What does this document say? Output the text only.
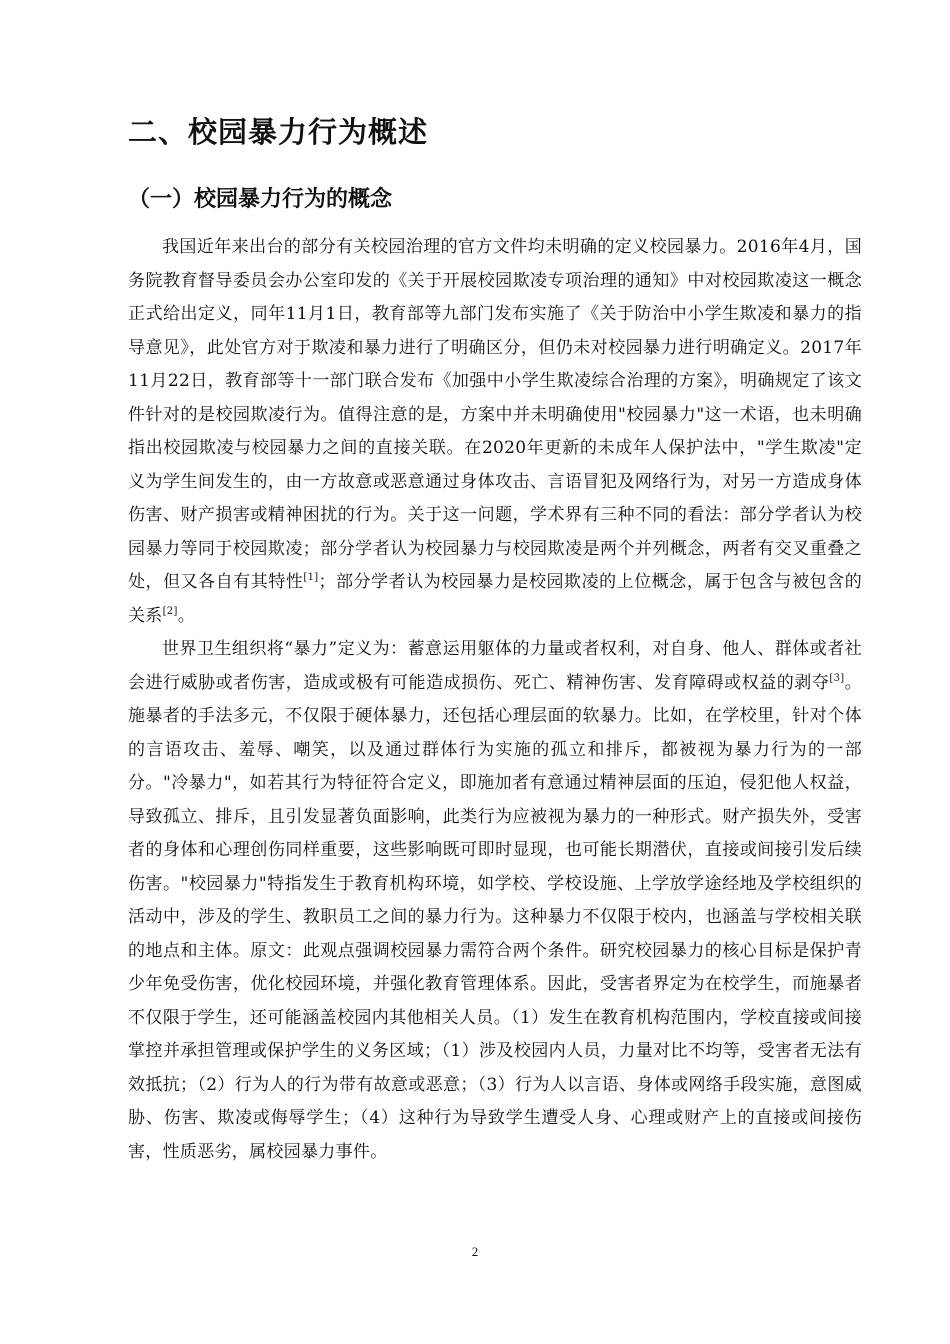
二、校园暴力行为概述
（一）校园暴力行为的概念

我国近年来出台的部分有关校园治理的官方文件均未明确的定义校园暴力。2016年4月，国务院教育督导委员会办公室印发的《关于开展校园欺凌专项治理的通知》中对校园欺凌这一概念正式给出定义，同年11月1日，教育部等九部门发布实施了《关于防治中小学生欺凌和暴力的指导意见》，此处官方对于欺凌和暴力进行了明确区分，但仍未对校园暴力进行明确定义。2017年11月22日，教育部等十一部门联合发布《加强中小学生欺凌综合治理的方案》，明确规定了该文件针对的是校园欺凌行为。值得注意的是，方案中并未明确使用"校园暴力"这一术语，也未明确指出校园欺凌与校园暴力之间的直接关联。在2020年更新的未成年人保护法中，"学生欺凌"定义为学生间发生的，由一方故意或恶意通过身体攻击、言语冒犯及网络行为，对另一方造成身体伤害、财产损害或精神困扰的行为。关于这一问题，学术界有三种不同的看法：部分学者认为校园暴力等同于校园欺凌；部分学者认为校园暴力与校园欺凌是两个并列概念，两者有交叉重叠之处，但又各自有其特性[1]；部分学者认为校园暴力是校园欺凌的上位概念，属于包含与被包含的关系[2]。

世界卫生组织将“暴力”定义为：蓄意运用躯体的力量或者权利，对自身、他人、群体或者社会进行威胁或者伤害，造成或极有可能造成损伤、死亡、精神伤害、发育障碍或权益的剥夺[3]。施暴者的手法多元，不仅限于硬体暴力，还包括心理层面的软暴力。比如，在学校里，针对个体的言语攻击、羞辱、嘲笑，以及通过群体行为实施的孤立和排斥，都被视为暴力行为的一部分。"冷暴力"，如若其行为特征符合定义，即施加者有意通过精神层面的压迫，侵犯他人权益，导致孤立、排斥，且引发显著负面影响，此类行为应被视为暴力的一种形式。财产损失外，受害者的身体和心理创伤同样重要，这些影响既可即时显现，也可能长期潜伏，直接或间接引发后续伤害。"校园暴力"特指发生于教育机构环境，如学校、学校设施、上学放学途经地及学校组织的活动中，涉及的学生、教职员工之间的暴力行为。这种暴力不仅限于校内，也涵盖与学校相关联的地点和主体。原文：此观点强调校园暴力需符合两个条件。研究校园暴力的核心目标是保护青少年免受伤害，优化校园环境，并强化教育管理体系。因此，受害者界定为在校学生，而施暴者不仅限于学生，还可能涵盖校园内其他相关人员。（1）发生在教育机构范围内，学校直接或间接掌控并承担管理或保护学生的义务区域；（1）涉及校园内人员，力量对比不均等，受害者无法有效抵抗；（2）行为人的行为带有故意或恶意；（3）行为人以言语、身体或网络手段实施，意图威胁、伤害、欺凌或侮辱学生；（4）这种行为导致学生遭受人身、心理或财产上的直接或间接伤害，性质恶劣，属校园暴力事件。

2
